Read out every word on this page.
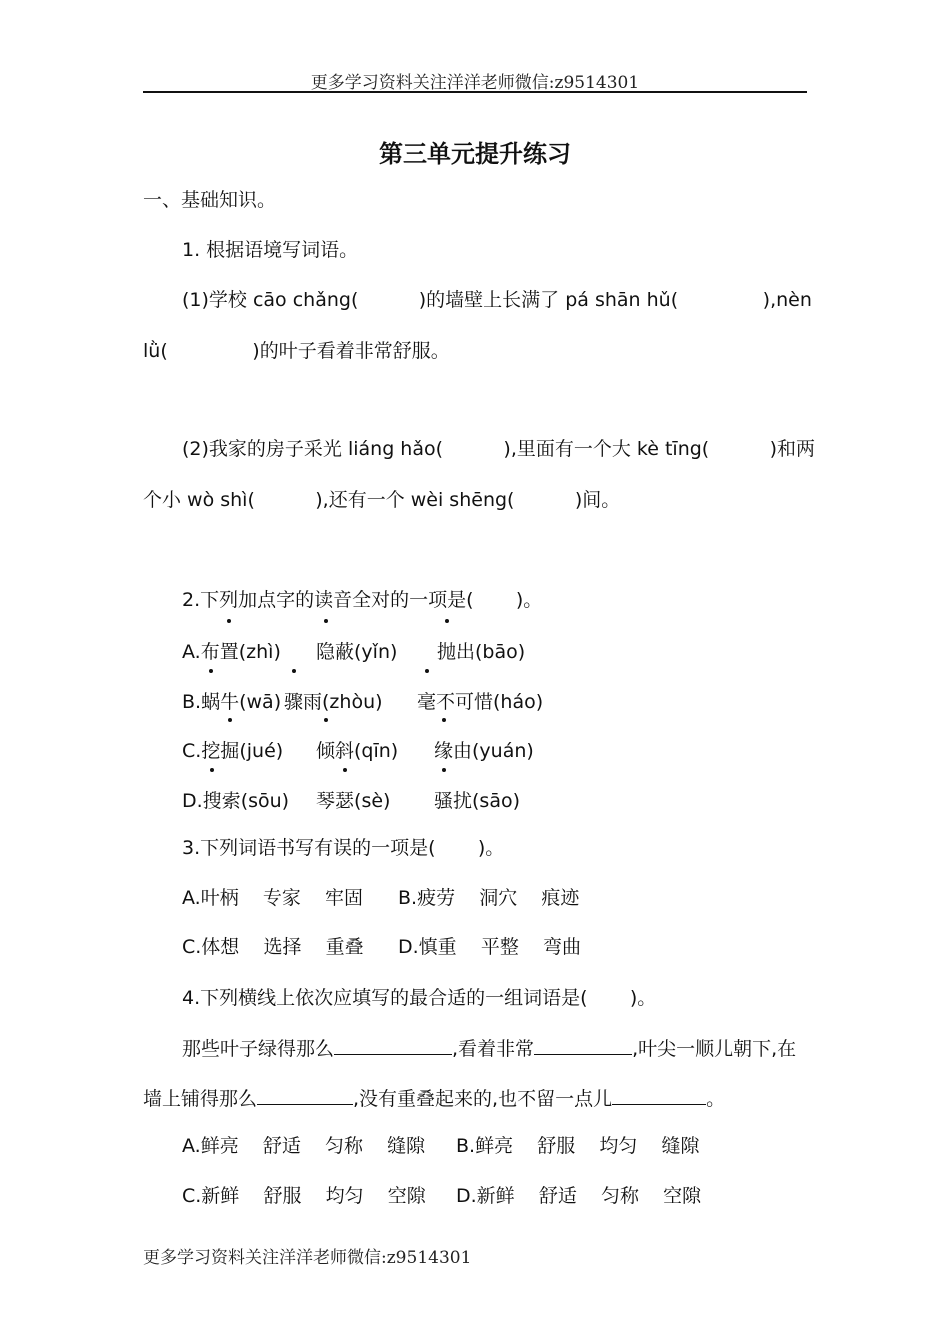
更多学习资料关注洋洋老师微信:z9514301
第三单元提升练习
一、基础知识。
1. 根据语境写词语。
(1)学校 cāo chǎng(          )的墙壁上长满了 pá shān hǔ(              ),nèn
lǜ(              )的叶子看着非常舒服。
(2)我家的房子采光 liáng hǎo(          ),里面有一个大 kè tīng(          )和两
个小 wò shì(          ),还有一个 wèi shēng(          )间。
2.下列加点字的读音全对的一项是(       )。
A.布置(zhì) 隐蔽(yǐn) 抛出(bāo)
B.蜗牛(wā) 骤雨(zhòu) 毫不可惜(háo)
C.挖掘(jué) 倾斜(qīn) 缘由(yuán)
D.搜索(sōu) 琴瑟(sè) 骚扰(sāo)
3.下列词语书写有误的一项是(       )。
A.叶柄    专家    牢固 B.疲劳    洞穴    痕迹
C.体想    选择    重叠 D.慎重    平整    弯曲
4.下列横线上依次应填写的最合适的一组词语是(       )。
那些叶子绿得那么	,看着非常	,叶尖一顺儿朝下,在
墙上铺得那么	,没有重叠起来的,也不留一点儿	。
A.鲜亮    舒适    匀称    缝隙 B.鲜亮    舒服    均匀    缝隙
C.新鲜    舒服    均匀    空隙 D.新鲜    舒适    匀称    空隙
更多学习资料关注洋洋老师微信:z9514301
